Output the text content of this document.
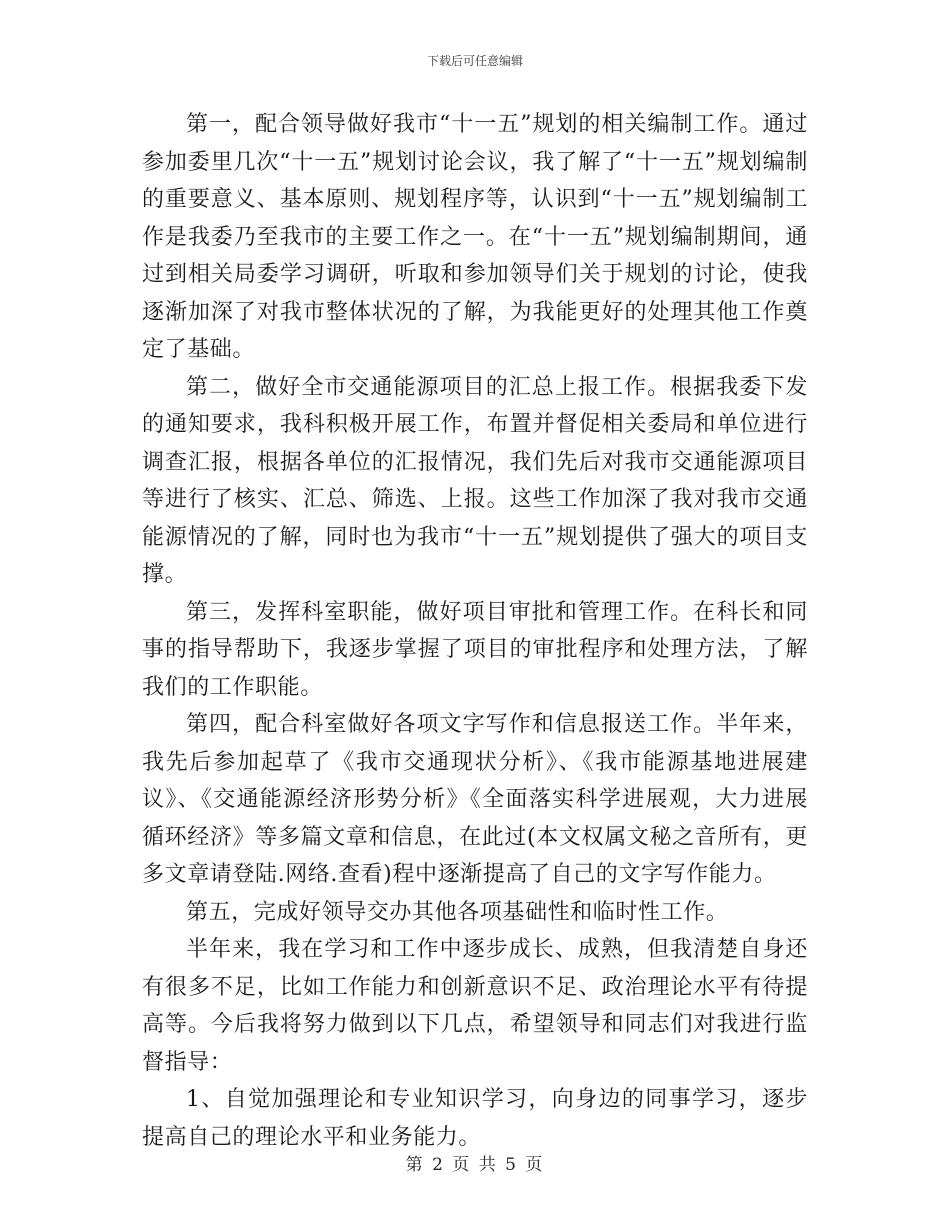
下载后可任意编辑

第一，配合领导做好我市“十一五”规划的相关编制工作。通过参加委里几次“十一五”规划讨论会议，我了解了“十一五”规划编制的重要意义、基本原则、规划程序等，认识到“十一五”规划编制工作是我委乃至我市的主要工作之一。在“十一五”规划编制期间，通过到相关局委学习调研，听取和参加领导们关于规划的讨论，使我逐渐加深了对我市整体状况的了解，为我能更好的处理其他工作奠定了基础。

第二，做好全市交通能源项目的汇总上报工作。根据我委下发的通知要求，我科积极开展工作，布置并督促相关委局和单位进行调查汇报，根据各单位的汇报情况，我们先后对我市交通能源项目等进行了核实、汇总、筛选、上报。这些工作加深了我对我市交通能源情况的了解，同时也为我市“十一五”规划提供了强大的项目支撑。

第三，发挥科室职能，做好项目审批和管理工作。在科长和同事的指导帮助下，我逐步掌握了项目的审批程序和处理方法，了解我们的工作职能。

第四，配合科室做好各项文字写作和信息报送工作。半年来，我先后参加起草了《我市交通现状分析》、《我市能源基地进展建议》、《交通能源经济形势分析》《全面落实科学进展观，大力进展循环经济》等多篇文章和信息，在此过(本文权属文秘之音所有，更多文章请登陆.网络.查看)程中逐渐提高了自己的文字写作能力。

第五，完成好领导交办其他各项基础性和临时性工作。

半年来，我在学习和工作中逐步成长、成熟，但我清楚自身还有很多不足，比如工作能力和创新意识不足、政治理论水平有待提高等。今后我将努力做到以下几点，希望领导和同志们对我进行监督指导：

1、自觉加强理论和专业知识学习，向身边的同事学习，逐步提高自己的理论水平和业务能力。

第 2 页 共 5 页
